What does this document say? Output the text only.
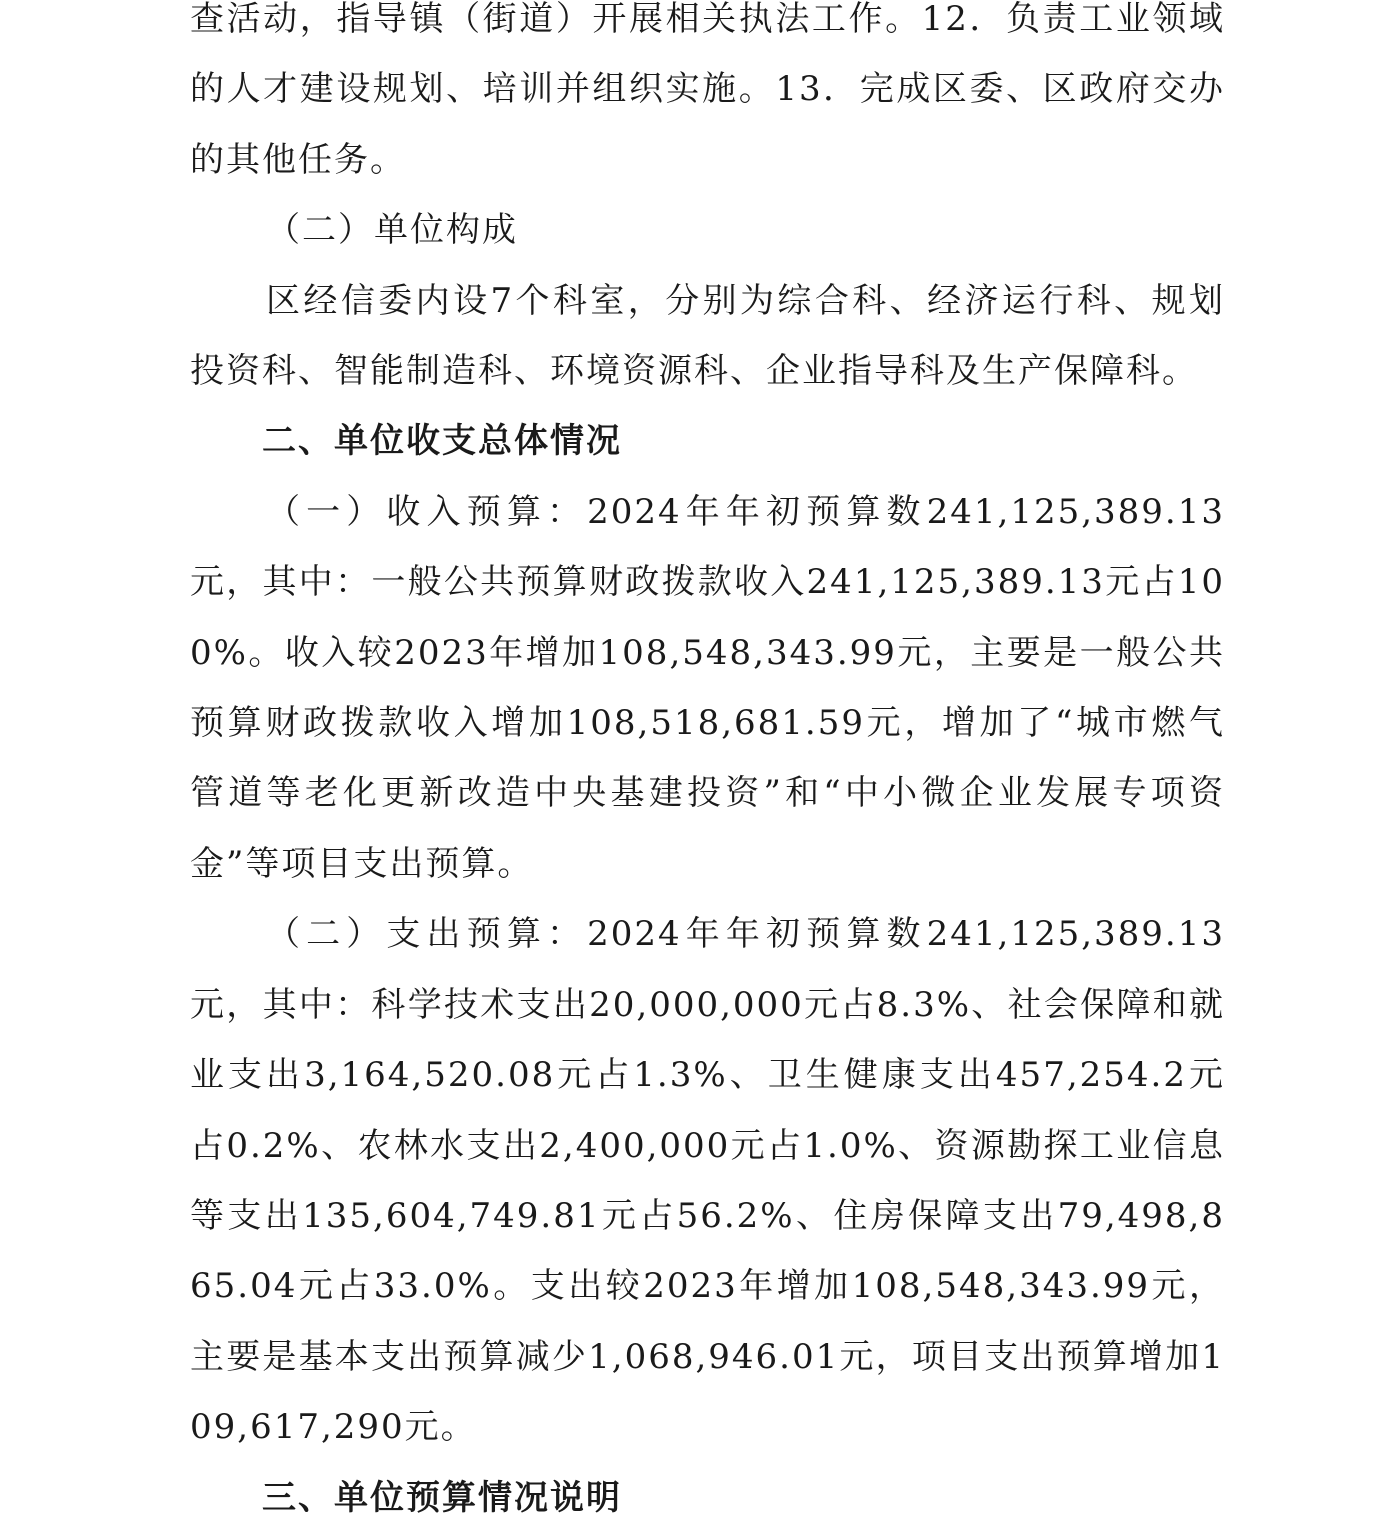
查活动，指导镇（街道）开展相关执法工作。12．负责工业领域的人才建设规划、培训并组织实施。13．完成区委、区政府交办的其他任务。

（二）单位构成

区经信委内设7个科室，分别为综合科、经济运行科、规划投资科、智能制造科、环境资源科、企业指导科及生产保障科。

二、单位收支总体情况

（一）收入预算：2024年年初预算数241,125,389.13元，其中：一般公共预算财政拨款收入241,125,389.13元占100%。收入较2023年增加108,548,343.99元，主要是一般公共预算财政拨款收入增加108,518,681.59元，增加了“城市燃气管道等老化更新改造中央基建投资”和“中小微企业发展专项资金”等项目支出预算。

（二）支出预算：2024年年初预算数241,125,389.13元，其中：科学技术支出20,000,000元占8.3%、社会保障和就业支出3,164,520.08元占1.3%、卫生健康支出457,254.2元占0.2%、农林水支出2,400,000元占1.0%、资源勘探工业信息等支出135,604,749.81元占56.2%、住房保障支出79,498,865.04元占33.0%。支出较2023年增加108,548,343.99元，主要是基本支出预算减少1,068,946.01元，项目支出预算增加109,617,290元。

三、单位预算情况说明
